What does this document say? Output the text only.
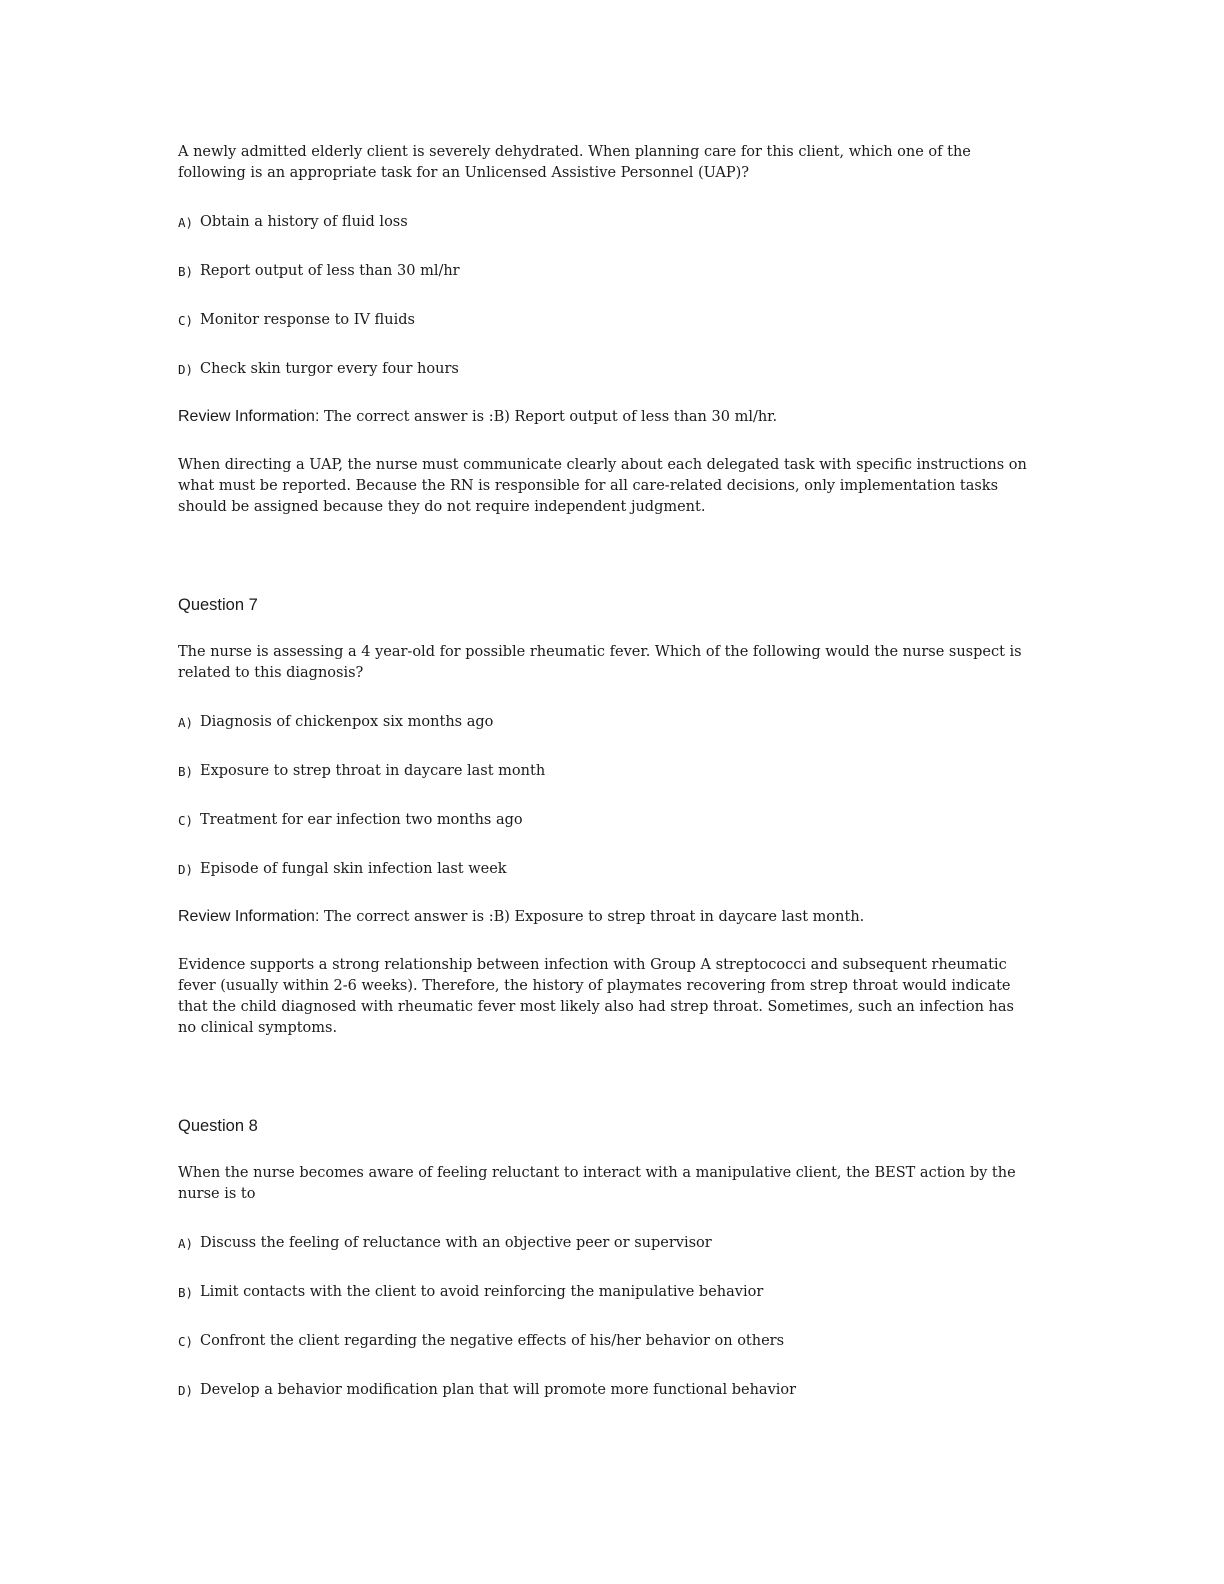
A newly admitted elderly client is severely dehydrated. When planning care for this client, which one of the following is an appropriate task for an Unlicensed Assistive Personnel (UAP)?

A) Obtain a history of fluid loss
B) Report output of less than 30 ml/hr
C) Monitor response to IV fluids
D) Check skin turgor every four hours

Review Information: The correct answer is :B) Report output of less than 30 ml/hr.

When directing a UAP, the nurse must communicate clearly about each delegated task with specific instructions on what must be reported. Because the RN is responsible for all care-related decisions, only implementation tasks should be assigned because they do not require independent judgment.

Question 7

The nurse is assessing a 4 year-old for possible rheumatic fever. Which of the following would the nurse suspect is related to this diagnosis?

A) Diagnosis of chickenpox six months ago
B) Exposure to strep throat in daycare last month
C) Treatment for ear infection two months ago
D) Episode of fungal skin infection last week

Review Information: The correct answer is :B) Exposure to strep throat in daycare last month.

Evidence supports a strong relationship between infection with Group A streptococci and subsequent rheumatic fever (usually within 2-6 weeks). Therefore, the history of playmates recovering from strep throat would indicate that the child diagnosed with rheumatic fever most likely also had strep throat. Sometimes, such an infection has no clinical symptoms.

Question 8

When the nurse becomes aware of feeling reluctant to interact with a manipulative client, the BEST action by the nurse is to

A) Discuss the feeling of reluctance with an objective peer or supervisor
B) Limit contacts with the client to avoid reinforcing the manipulative behavior
C) Confront the client regarding the negative effects of his/her behavior on others
D) Develop a behavior modification plan that will promote more functional behavior
